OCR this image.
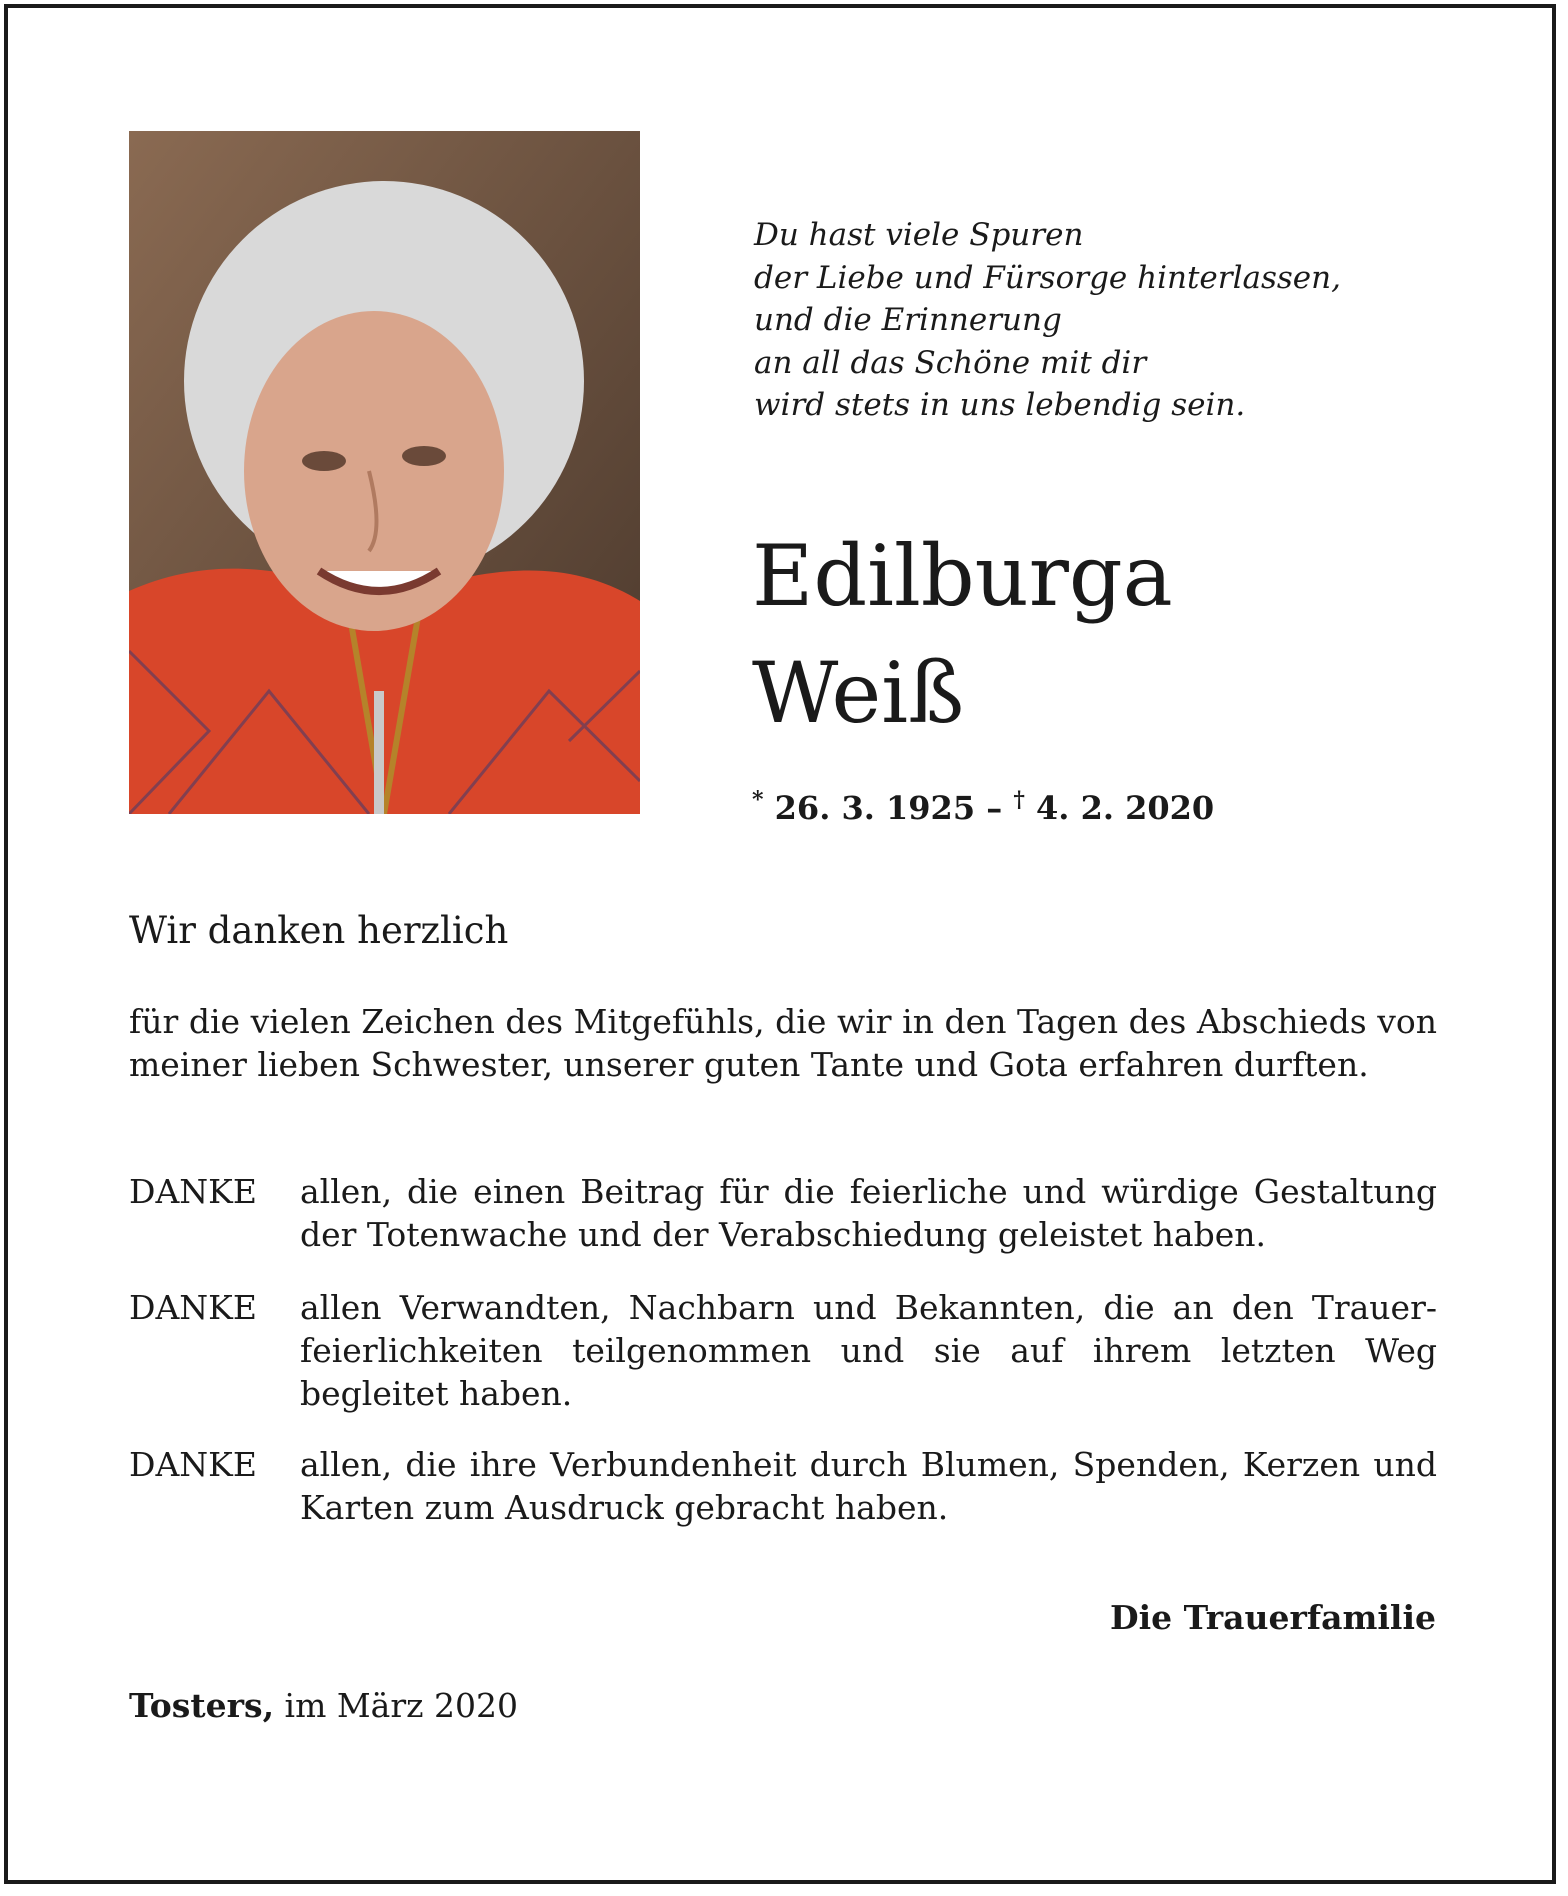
Du hast viele Spuren
der Liebe und Fürsorge hinterlassen,
und die Erinnerung
an all das Schöne mit dir
wird stets in uns lebendig sein.
Edilburga
Weiß
* 26. 3. 1925 – † 4. 2. 2020
Wir danken herzlich
für die vielen Zeichen des Mitgefühls, die wir in den Tagen des Abschieds von meiner lieben Schwester, unserer guten Tante und Gota erfahren durften.
DANKE allen, die einen Beitrag für die feierliche und würdige Gestaltung der Totenwache und der Verabschiedung geleistet haben.
DANKE allen Verwandten, Nachbarn und Bekannten, die an den Trauerfeierlichkeiten teilgenommen und sie auf ihrem letzten Weg begleitet haben.
DANKE allen, die ihre Verbundenheit durch Blumen, Spenden, Kerzen und Karten zum Ausdruck gebracht haben.
Die Trauerfamilie
Tosters, im März 2020
